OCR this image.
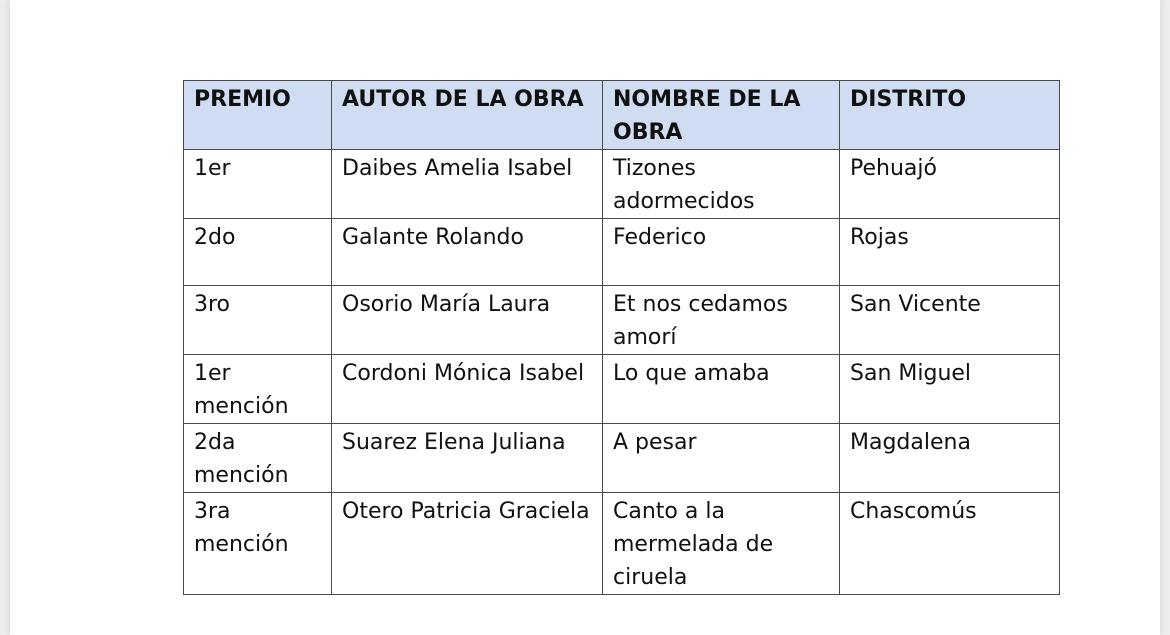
PREMIO	AUTOR DE LA OBRA	NOMBRE DE LA OBRA	DISTRITO
1er	Daibes Amelia Isabel	Tizones adormecidos	Pehuajó
2do	Galante Rolando	Federico	Rojas
3ro	Osorio María Laura	Et nos cedamos amorí	San Vicente
1er mención	Cordoni Mónica Isabel	Lo que amaba	San Miguel
2da mención	Suarez Elena Juliana	A pesar	Magdalena
3ra mención	Otero Patricia Graciela	Canto a la mermelada de ciruela	Chascomús
